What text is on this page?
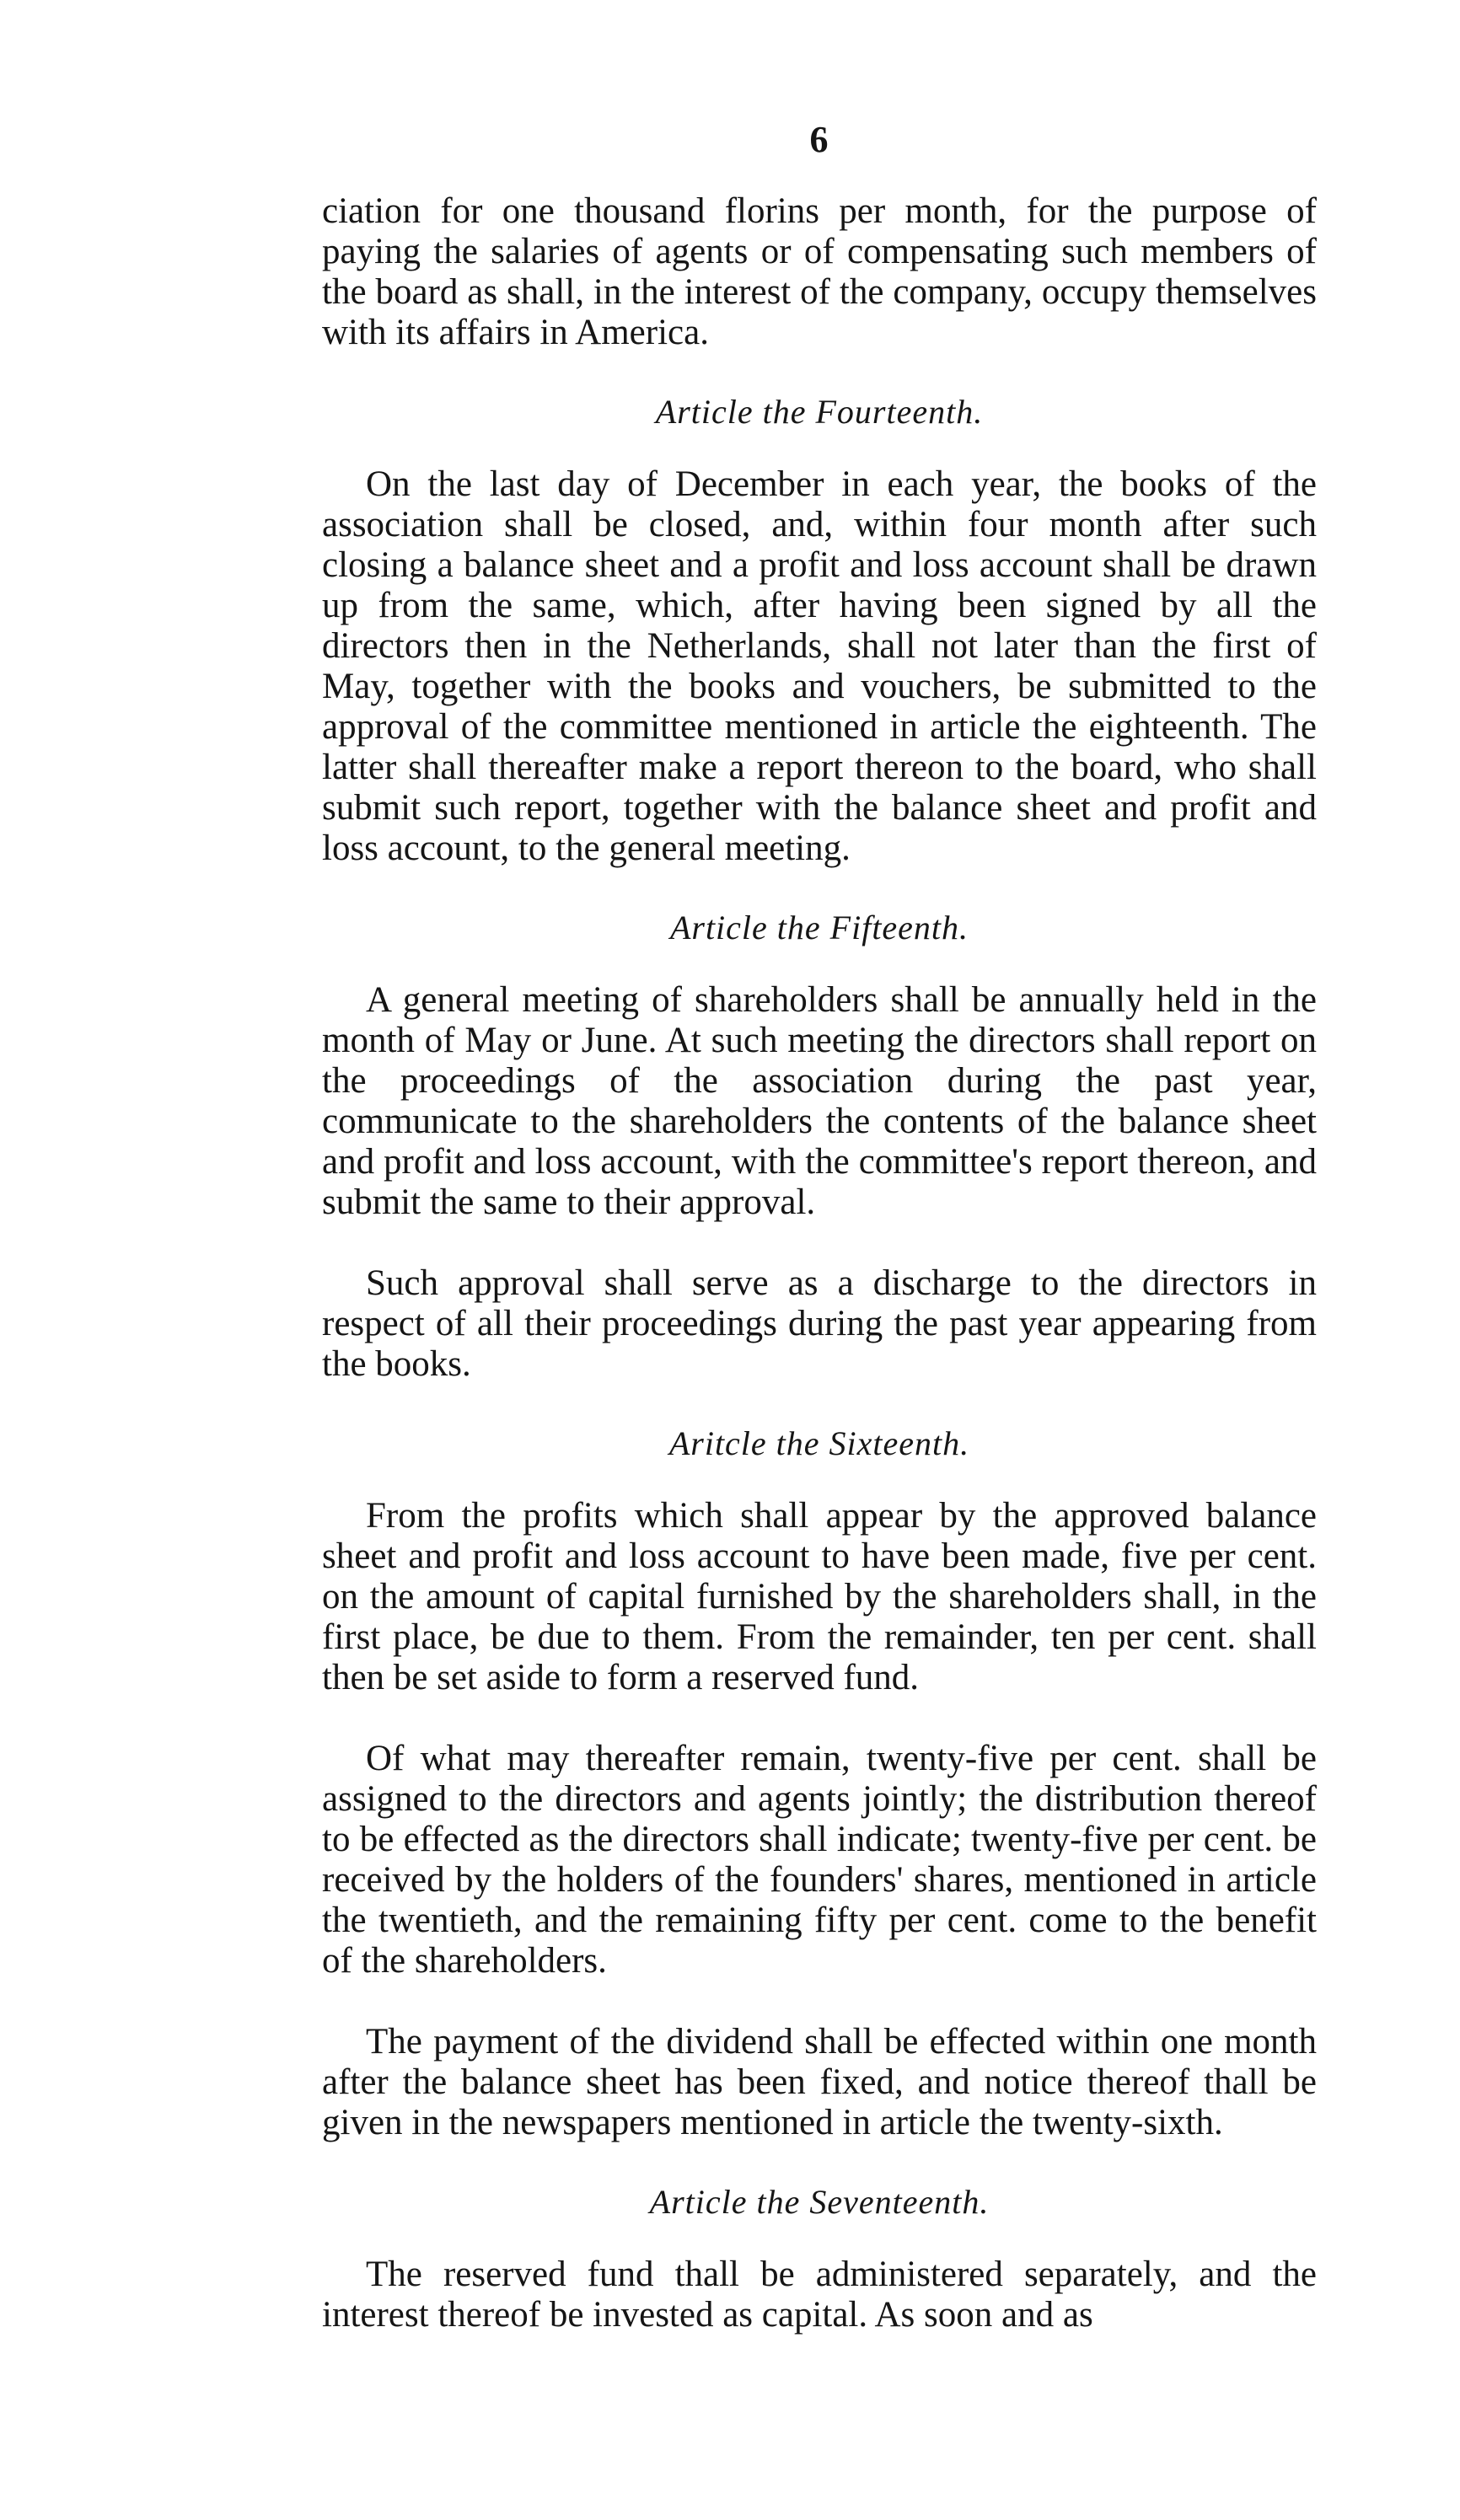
6

ciation for one thousand florins per month, for the purpose of paying the salaries of agents or of compensating such members of the board as shall, in the interest of the company, occupy themselves with its affairs in America.

Article the Fourteenth.

On the last day of December in each year, the books of the association shall be closed, and, within four month after such closing a balance sheet and a profit and loss account shall be drawn up from the same, which, after having been signed by all the directors then in the Netherlands, shall not later than the first of May, together with the books and vouchers, be submitted to the approval of the committee mentioned in article the eighteenth. The latter shall thereafter make a report thereon to the board, who shall submit such report, together with the balance sheet and profit and loss account, to the general meeting.

Article the Fifteenth.

A general meeting of shareholders shall be annually held in the month of May or June. At such meeting the directors shall report on the proceedings of the association during the past year, communicate to the shareholders the contents of the balance sheet and profit and loss account, with the committee's report thereon, and submit the same to their approval.

Such approval shall serve as a discharge to the directors in respect of all their proceedings during the past year appearing from the books.

Aritcle the Sixteenth.

From the profits which shall appear by the approved balance sheet and profit and loss account to have been made, five per cent. on the amount of capital furnished by the shareholders shall, in the first place, be due to them. From the remainder, ten per cent. shall then be set aside to form a reserved fund.

Of what may thereafter remain, twenty-five per cent. shall be assigned to the directors and agents jointly; the distribution thereof to be effected as the directors shall indicate; twenty-five per cent. be received by the holders of the founders' shares, mentioned in article the twentieth, and the remaining fifty per cent. come to the benefit of the shareholders.

The payment of the dividend shall be effected within one month after the balance sheet has been fixed, and notice thereof thall be given in the newspapers mentioned in article the twenty-sixth.

Article the Seventeenth.

The reserved fund thall be administered separately, and the interest thereof be invested as capital. As soon and as
